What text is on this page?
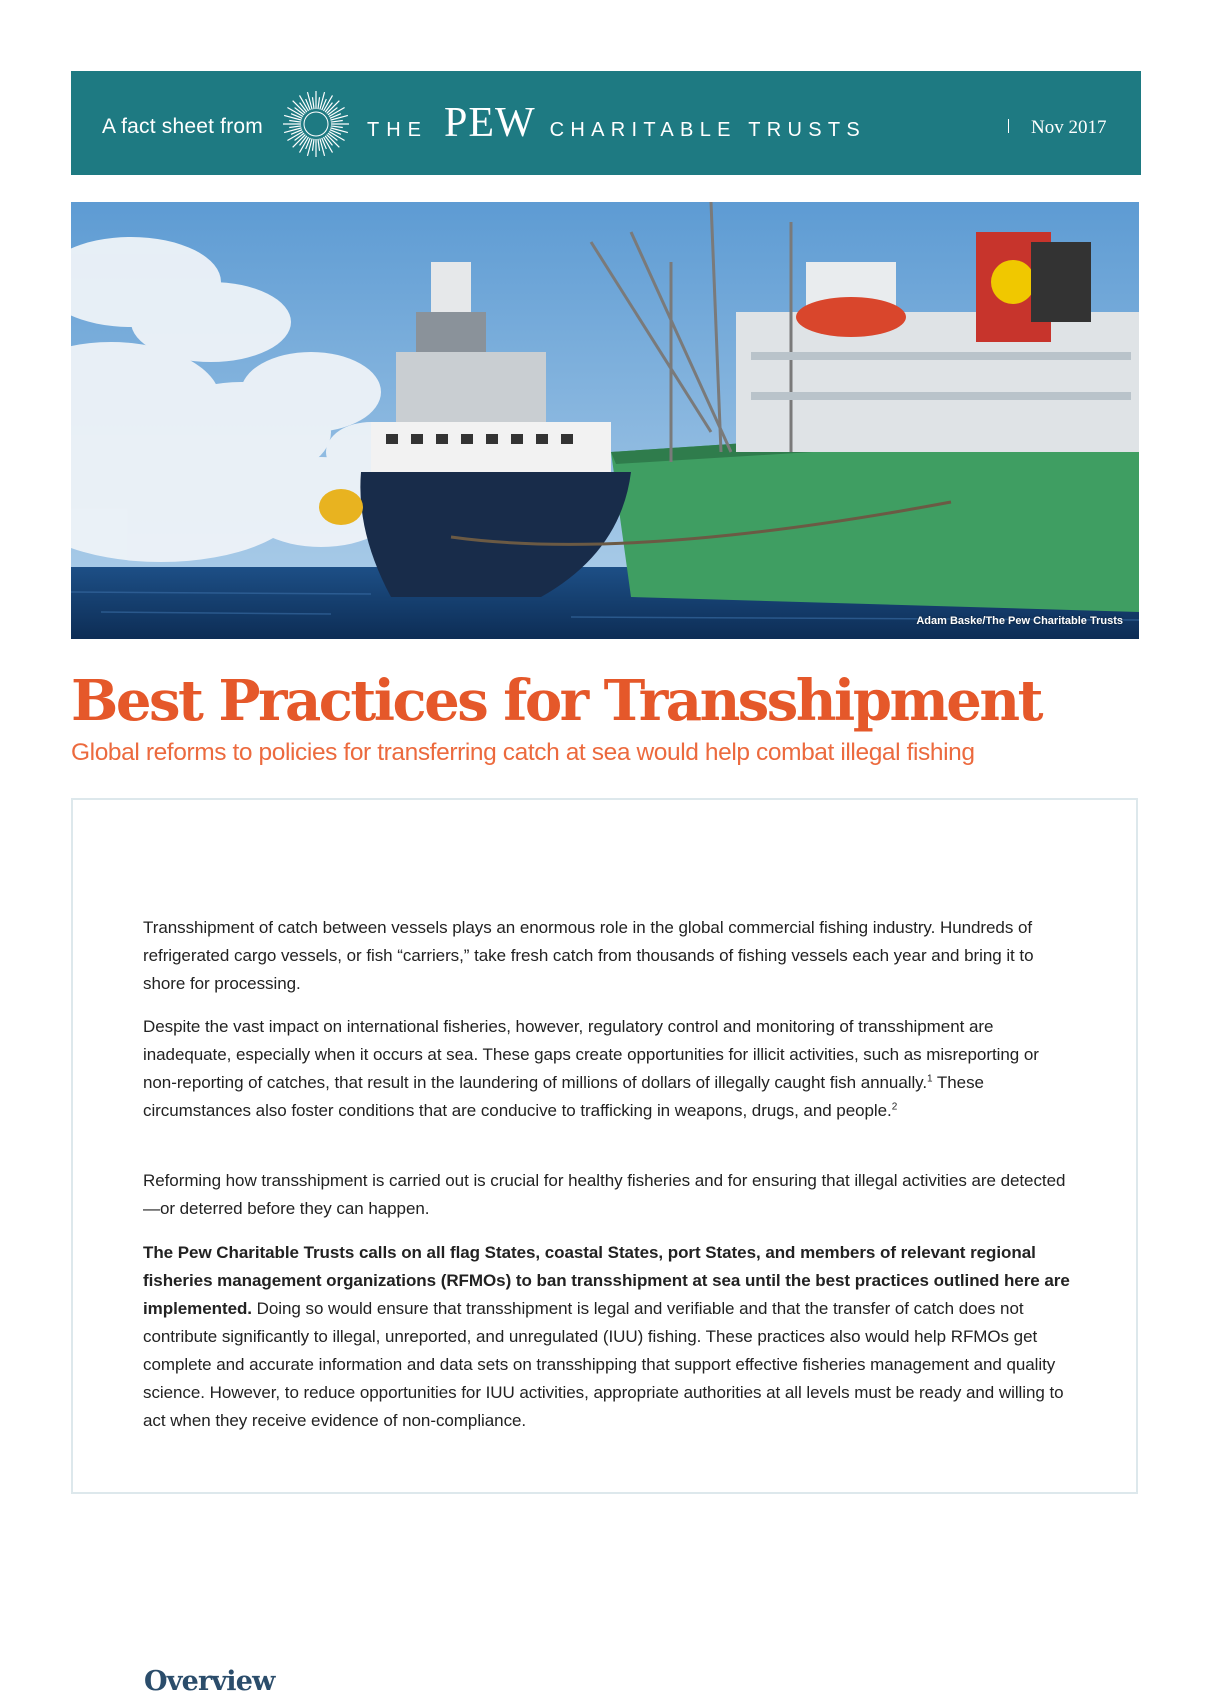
A fact sheet from	THE PEW CHARITABLE TRUSTS	Nov 2017
Adam Baske/The Pew Charitable Trusts
Best Practices for Transshipment
Global reforms to policies for transferring catch at sea would help combat illegal fishing
Overview

Transshipment of catch between vessels plays an enormous role in the global commercial fishing industry. Hundreds of refrigerated cargo vessels, or fish “carriers,” take fresh catch from thousands of fishing vessels each year and bring it to shore for processing.

Despite the vast impact on international fisheries, however, regulatory control and monitoring of transshipment are inadequate, especially when it occurs at sea. These gaps create opportunities for illicit activities, such as misreporting or non-reporting of catches, that result in the laundering of millions of dollars of illegally caught fish annually.$^1$ These circumstances also foster conditions that are conducive to trafficking in weapons, drugs, and people.$^2$

Reforming how transshipment is carried out is crucial for healthy fisheries and for ensuring that illegal activities are detected—or deterred before they can happen.

The Pew Charitable Trusts calls on all flag States, coastal States, port States, and members of relevant regional fisheries management organizations (RFMOs) to ban transshipment at sea until the best practices outlined here are implemented. Doing so would ensure that transshipment is legal and verifiable and that the transfer of catch does not contribute significantly to illegal, unreported, and unregulated (IUU) fishing. These practices also would help RFMOs get complete and accurate information and data sets on transshipping that support effective fisheries management and quality science. However, to reduce opportunities for IUU activities, appropriate authorities at all levels must be ready and willing to act when they receive evidence of non-compliance.
